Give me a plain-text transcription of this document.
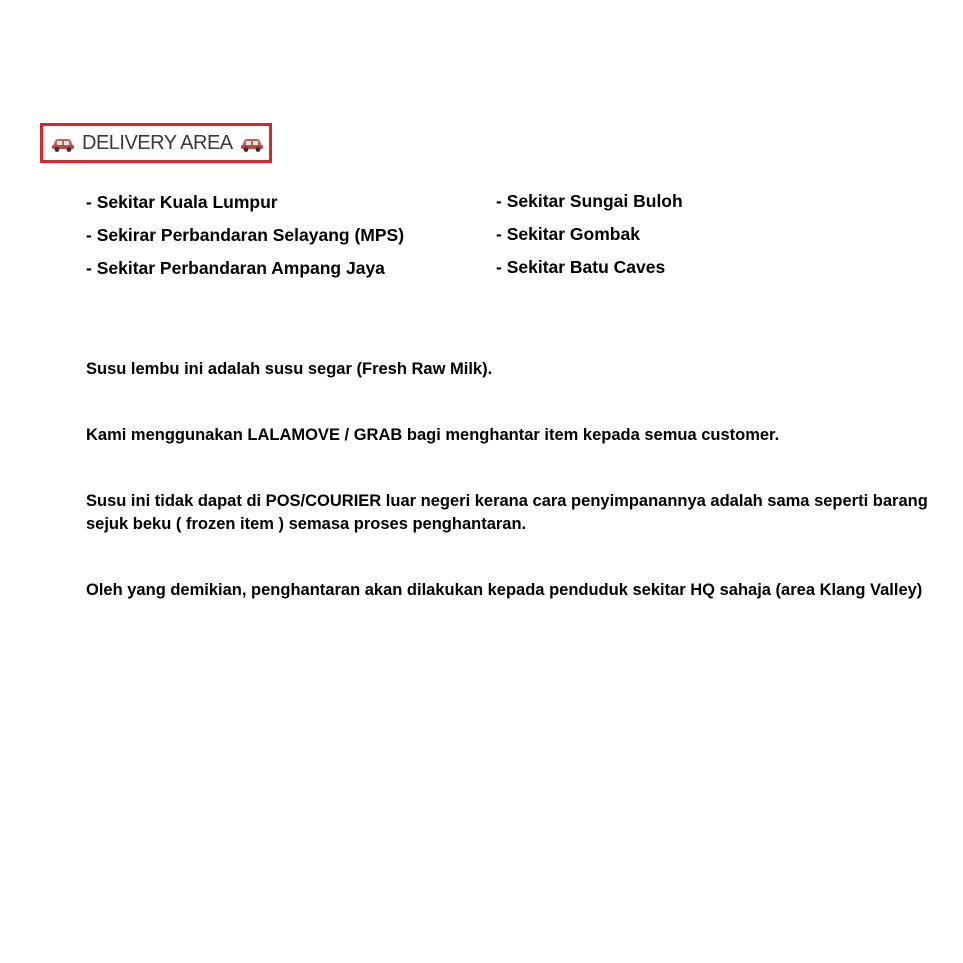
DELIVERY AREA
- Sekitar Kuala Lumpur
- Sekirar Perbandaran Selayang (MPS)
- Sekitar Perbandaran Ampang Jaya
- Sekitar Sungai Buloh
- Sekitar Gombak
- Sekitar Batu Caves
Susu lembu ini adalah susu segar (Fresh Raw Milk).
Kami menggunakan LALAMOVE / GRAB bagi menghantar item kepada semua customer.
Susu ini tidak dapat di POS/COURIER luar negeri kerana cara penyimpanannya adalah sama seperti barang sejuk beku ( frozen item ) semasa proses penghantaran.
Oleh yang demikian, penghantaran akan dilakukan kepada penduduk sekitar HQ sahaja (area Klang Valley)
